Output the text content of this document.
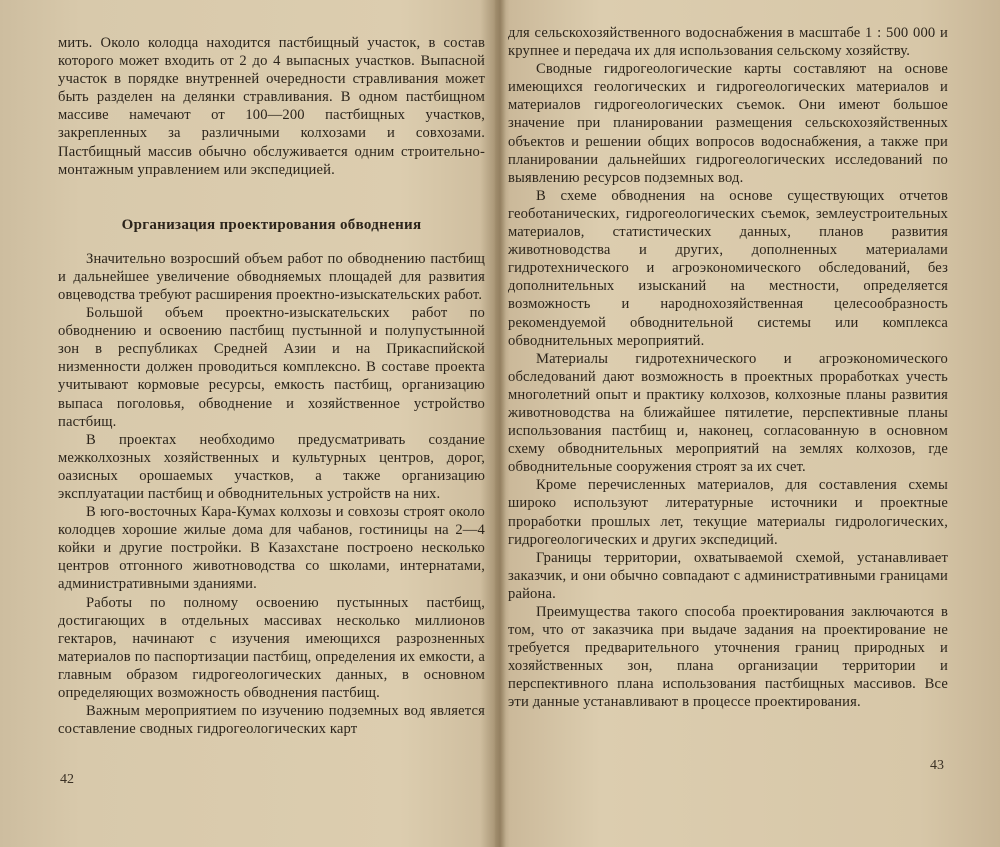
мить. Около колодца находится пастбищный участок, в состав которого может входить от 2 до 4 выпасных участков. Выпасной участок в порядке внутренней очередности стравливания может быть разделен на делянки стравливания. В одном пастбищном массиве намечают от 100—200 пастбищных участков, закрепленных за различными колхозами и совхозами. Пастбищный массив обычно обслуживается одним строительно-монтажным управлением или экспедицией.

Организация проектирования обводнения

Значительно возросший объем работ по обводнению пастбищ и дальнейшее увеличение обводняемых площадей для развития овцеводства требуют расширения проектно-изыскательских работ.

Большой объем проектно-изыскательских работ по обводнению и освоению пастбищ пустынной и полупустынной зон в республиках Средней Азии и на Прикаспийской низменности должен проводиться комплексно. В составе проекта учитывают кормовые ресурсы, емкость пастбищ, организацию выпаса поголовья, обводнение и хозяйственное устройство пастбищ.

В проектах необходимо предусматривать создание межколхозных хозяйственных и культурных центров, дорог, оазисных орошаемых участков, а также организацию эксплуатации пастбищ и обводнительных устройств на них.

В юго-восточных Кара-Кумах колхозы и совхозы строят около колодцев хорошие жилые дома для чабанов, гостиницы на 2—4 койки и другие постройки. В Казахстане построено несколько центров отгонного животноводства со школами, интернатами, административными зданиями.

Работы по полному освоению пустынных пастбищ, достигающих в отдельных массивах несколько миллионов гектаров, начинают с изучения имеющихся разрозненных материалов по паспортизации пастбищ, определения их емкости, а главным образом гидрогеологических данных, в основном определяющих возможность обводнения пастбищ.

Важным мероприятием по изучению подземных вод является составление сводных гидрогеологических карт

42

для сельскохозяйственного водоснабжения в масштабе 1 : 500 000 и крупнее и передача их для использования сельскому хозяйству.

Сводные гидрогеологические карты составляют на основе имеющихся геологических и гидрогеологических материалов и материалов гидрогеологических съемок. Они имеют большое значение при планировании размещения сельскохозяйственных объектов и решении общих вопросов водоснабжения, а также при планировании дальнейших гидрогеологических исследований по выявлению ресурсов подземных вод.

В схеме обводнения на основе существующих отчетов геоботанических, гидрогеологических съемок, землеустроительных материалов, статистических данных, планов развития животноводства и других, дополненных материалами гидротехнического и агроэкономического обследований, без дополнительных изысканий на местности, определяется возможность и народнохозяйственная целесообразность рекомендуемой обводнительной системы или комплекса обводнительных мероприятий.

Материалы гидротехнического и агроэкономического обследований дают возможность в проектных проработках учесть многолетний опыт и практику колхозов, колхозные планы развития животноводства на ближайшее пятилетие, перспективные планы использования пастбищ и, наконец, согласованную в основном схему обводнительных мероприятий на землях колхозов, где обводнительные сооружения строят за их счет.

Кроме перечисленных материалов, для составления схемы широко используют литературные источники и проектные проработки прошлых лет, текущие материалы гидрологических, гидрогеологических и других экспедиций.

Границы территории, охватываемой схемой, устанавливает заказчик, и они обычно совпадают с административными границами района.

Преимущества такого способа проектирования заключаются в том, что от заказчика при выдаче задания на проектирование не требуется предварительного уточнения границ природных и хозяйственных зон, плана организации территории и перспективного плана использования пастбищных массивов. Все эти данные устанавливают в процессе проектирования.

43
